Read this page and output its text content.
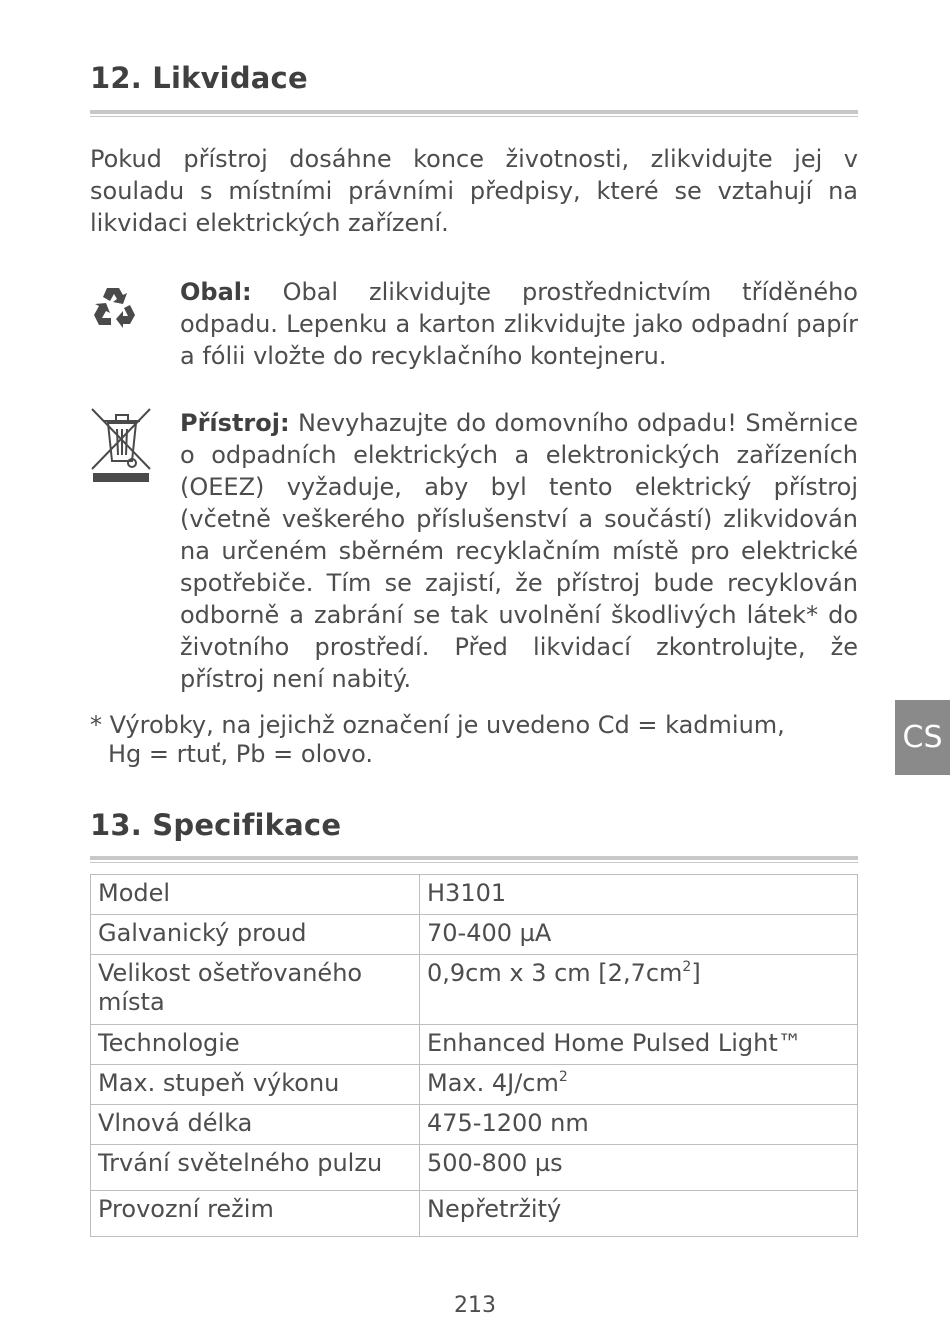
12. Likvidace

Pokud přístroj dosáhne konce životnosti, zlikvidujte jej v souladu s místními právními předpisy, které se vztahují na likvidaci elektrických zařízení.

Obal: Obal zlikvidujte prostřednictvím tříděného odpadu. Lepenku a karton zlikvidujte jako odpadní papír a fólii vložte do recyklačního kontejneru.

Přístroj: Nevyhazujte do domovního odpadu! Směrnice o odpadních elektrických a elektronických zařízeních (OEEZ) vyžaduje, aby byl tento elektrický přístroj (včetně veškerého příslušenství a součástí) zlikvidován na určeném sběrném recyklačním místě pro elektrické spotřebiče. Tím se zajistí, že přístroj bude recyklován odborně a zabrání se tak uvolnění škodlivých látek* do životního prostředí. Před likvidací zkontrolujte, že přístroj není nabitý.

* Výrobky, na jejichž označení je uvedeno Cd = kadmium,

Hg = rtuť, Pb = olovo.

13. Specifikace
Model	H3101
Galvanický proud	70-400 µA
Velikost ošetřovaného místa	0,9cm x 3 cm $[2,7cm^2]$
Technologie	Enhanced Home Pulsed Light™
Max. stupeň výkonu	Max. $4J/cm^2$
Vlnová délka	475-1200 nm
Trvání světelného pulzu	500-800 µs
Provozní režim	Nepřetržitý
CS
213
